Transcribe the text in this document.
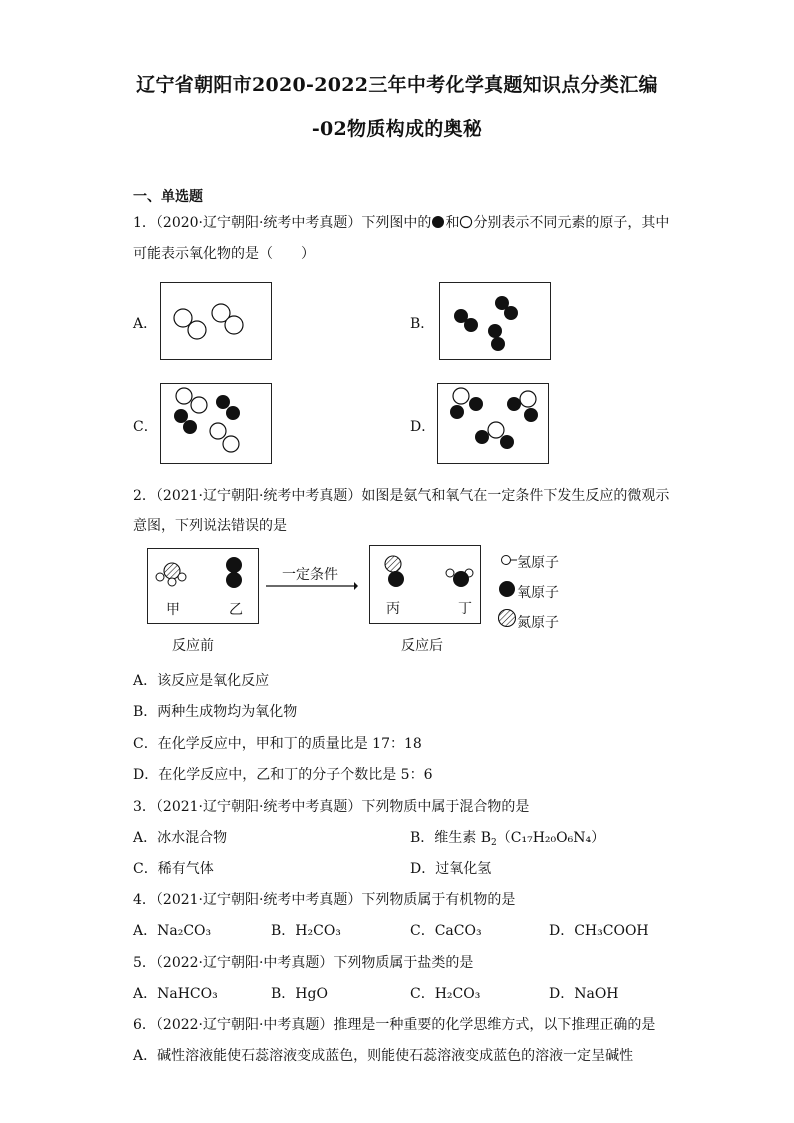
辽宁省朝阳市2020-2022三年中考化学真题知识点分类汇编
-02物质构成的奥秘
一、单选题
1．（2020·辽宁朝阳·统考中考真题）下列图中的 和 分别表示不同元素的原子，其中
可能表示氧化物的是（　　）
A．	B．
C．	D．
2．（2021·辽宁朝阳·统考中考真题）如图是氨气和氧气在一定条件下发生反应的微观示
意图，下列说法错误的是
甲	乙
一定条件
丙	丁
反应前	反应后
氢原子
氧原子
氮原子
A．该反应是氧化反应
B．两种生成物均为氧化物
C．在化学反应中，甲和丁的质量比是 17：18
D．在化学反应中，乙和丁的分子个数比是 5：6
3．（2021·辽宁朝阳·统考中考真题）下列物质中属于混合物的是
A．冰水混合物	B．维生素 $B_2(C_{17}H_{20}O_6N_4)$
C．稀有气体	D．过氧化氢
4．（2021·辽宁朝阳·统考中考真题）下列物质属于有机物的是
A．Na₂CO₃	B．H₂CO₃	C．CaCO₃	D．CH₃COOH
5．（2022·辽宁朝阳·中考真题）下列物质属于盐类的是
A．NaHCO₃	B．HgO	C．H₂CO₃	D．NaOH
6．（2022·辽宁朝阳·中考真题）推理是一种重要的化学思维方式，以下推理正确的是
A．碱性溶液能使石蕊溶液变成蓝色，则能使石蕊溶液变成蓝色的溶液一定呈碱性
